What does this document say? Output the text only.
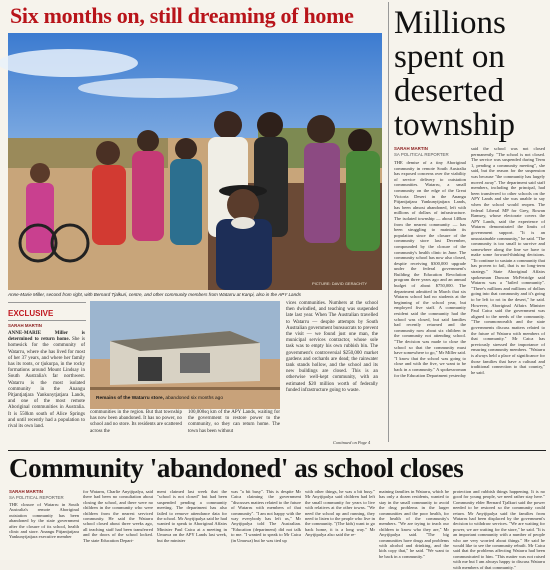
Six months on, still dreaming of home
PICTURE: DAVID GERACHTY
Anne-Marie Miller, second from right, with Bernard Tjalkuri, centre, and other community members from Watarru at Kanpi, also in the APY Lands
EXCLUSIVE
SARAH MARTIN
ANNE-MARIE Miller is determined to return home. She is homesick for the community of Watarru, where she has lived for most of her 37 years, and where her family has its roots, or tjukurpa, in the rocky formations around Mount Lindsay in South Australia's far northwest. Watarru is the most isolated community in the Anangu Pitjantjatjara Yankunytjatjara Lands, and one of the most remote Aboriginal communities in Australia. It is 550km south of Alice Springs and until recently had a population to rival its own land.
Remains of the Watarru store, abandoned six months ago
communities in the region. But that township has now been abandoned. It has no power, no school and no store. Its residents are scattered across the
100,000sq km of the APY Lands, waiting for the government to restore power to the community, so they can return home. The town has been without
vices communities. Numbers at the school then dwindled, and teaching was suspended late last year. When The Australian travelled to Watarru — despite attempts by South Australian government bureaucrats to prevent the visit — we found just one man, the municipal services contractor, whose sole task was to empty his own rubbish bin. The government's controversial $250,000 market gardens and orchards are dead; the rainwater tank stands hollow, and the school and its new buildings are closed. This is an otherwise well-kept community, with an estimated $20 million worth of federally funded infrastructure going to waste.
Continued on Page 4
Millions spent on deserted township
SARAH MARTIN
SA POLITICAL REPORTER
THE demise of a tiny Aboriginal community in remote South Australia has exposed concerns over the viability of service delivery to outstation communities. Watarru, a small community on the edge of the Great Victoria Desert in the Anangu Pitjantjatjara Yankunytjatjara Lands, has been almost abandoned, left with millions of dollars of infrastructure. The isolated township — about 140km from the nearest community — has been struggling to maintain its population since the closure of the community store last December, compounded by the closure of the community's health clinic in June. The community school has now also closed, despite receiving $300,000 upgrade under the federal government's Building the Education Revolution program three years ago and an annual budget of about $750,000. The department admitted in March that six Watarru school had no students at the beginning of the school year, but employed five staff. A community resident said the community had the school was closed, but said families had recently returned and the community now about six children in the community not attending school. "The decision was made to close the school so that the community must have somewhere to go," Mr Miller said. "I know that the school was going to close and with the five, we want to be back in a community." A spokeswoman for the Education Department yesterday
said the school was not closed permanently. "The school is not closed. The service was suspended during Term 1, pending a community meeting", she said, but the reason for the suspension was because "the community has largely moved away". The department said staff members, including the principal, had been transferred to other schools on the APY Lands and she was unable to say when the school would reopen. The federal Liberal MP for Grey, Rowan Ramsey, whose electorate covers the APY Lands, said the experience of Watarru demonstrated the limits of government support. "It is an unsustainable community," he said. "The community is too small to survive and somewhere along the line we have to make some forward-thinking decisions. "To continue to sustain a community that has proven to fail, that is no long-term strategy." State Aboriginal Affairs spokesman Duncan McFetridge said Watarru was a "failed community". "There's millions and millions of dollars going into that community and it's going to be left to rot in the desert," he said. However, Aboriginal Affairs Minister Paul Caica said the government was aligned to the needs of the community. "The commonwealth and the state governments discuss matters related to the future of Watarru with members of that community." Mr Caica has previously stressed the importance of ensuring community members. "Watarru is always held a place of significance for those families that have a cultural and traditional connection to that country," he said.
Community 'abandoned' as school closes
SARAH MARTIN
SA POLITICAL REPORTER
THE closure of Watarru in South Australia's remote Aboriginal outstation community has been abandoned by the state government after the closure of its school, health clinic and store. Anangu Pitjantjatjara Yankunytjatjara executive member
for Watarru, Charlie Anytjipalya, said there had been no consultation about closing the school, and there were no children in the community who were children from the nearest serviced community. He said the Watarru school closed about three weeks ago, all teaching staff had been transferred and the doors of the school locked. The state Education Depart-
ment claimed last week that the "school is not closed" but had been suspended pending a community meeting. The department has also failed to remove attendance data for the school. Mr Anytjipalya said he had wanted to speak to Aboriginal Affairs Minister Paul Caica at a meeting in Umuwa on the APY Lands last week, but the minister
was "a bit busy". This is despite Mr Caica claiming the government "discusses matters related to the future of Watarru with members of that community". "I am not happy with the way everybody has left us," Mr Anytjipalya told The Australian. "Education (department) did not talk to me. "I wanted to speak to Mr Caica (in Umuwa) but he was tied up
with other things, he was a bit busy." Mr Anytjipalya said children had left the small community for years to live with relatives at the other towns. "We need the school up and running, they need to listen to the people who live in the community. "(The kids) want to go back home, it is a long way." Mr Anytjipalya also said the re-
maining families in Watarru, which he has only a dozen residents, wanted to stay in the small community to avoid the drug problems in the larger communities and the poor health, for the health of the community's members. "We are trying to teach our children to know who they are," Mr Anytjipalya said. "The big communities have drugs and problems with alcohol and drinking, and the kids copy that," he said. "We want to be back in a community."
protection and rubbish things happening. It is no good for young people, we need rather stay here." Community elder Bernard Tjalkuri said the power needed to be restored so the community could return. Mr Anytjipalya said the families from Watarru had been displaced by the government's decision to withdraw services. "We are waiting for power, we are waiting for the store," he said. "It is an important community with a number of people who are very worried about things." He said he would like to see the community rebuilt. Mr Caica said that the problems affecting Watarru had been communicated to him. "This matter was not raised with me but I am always happy to discuss Watarru with members of that community."
